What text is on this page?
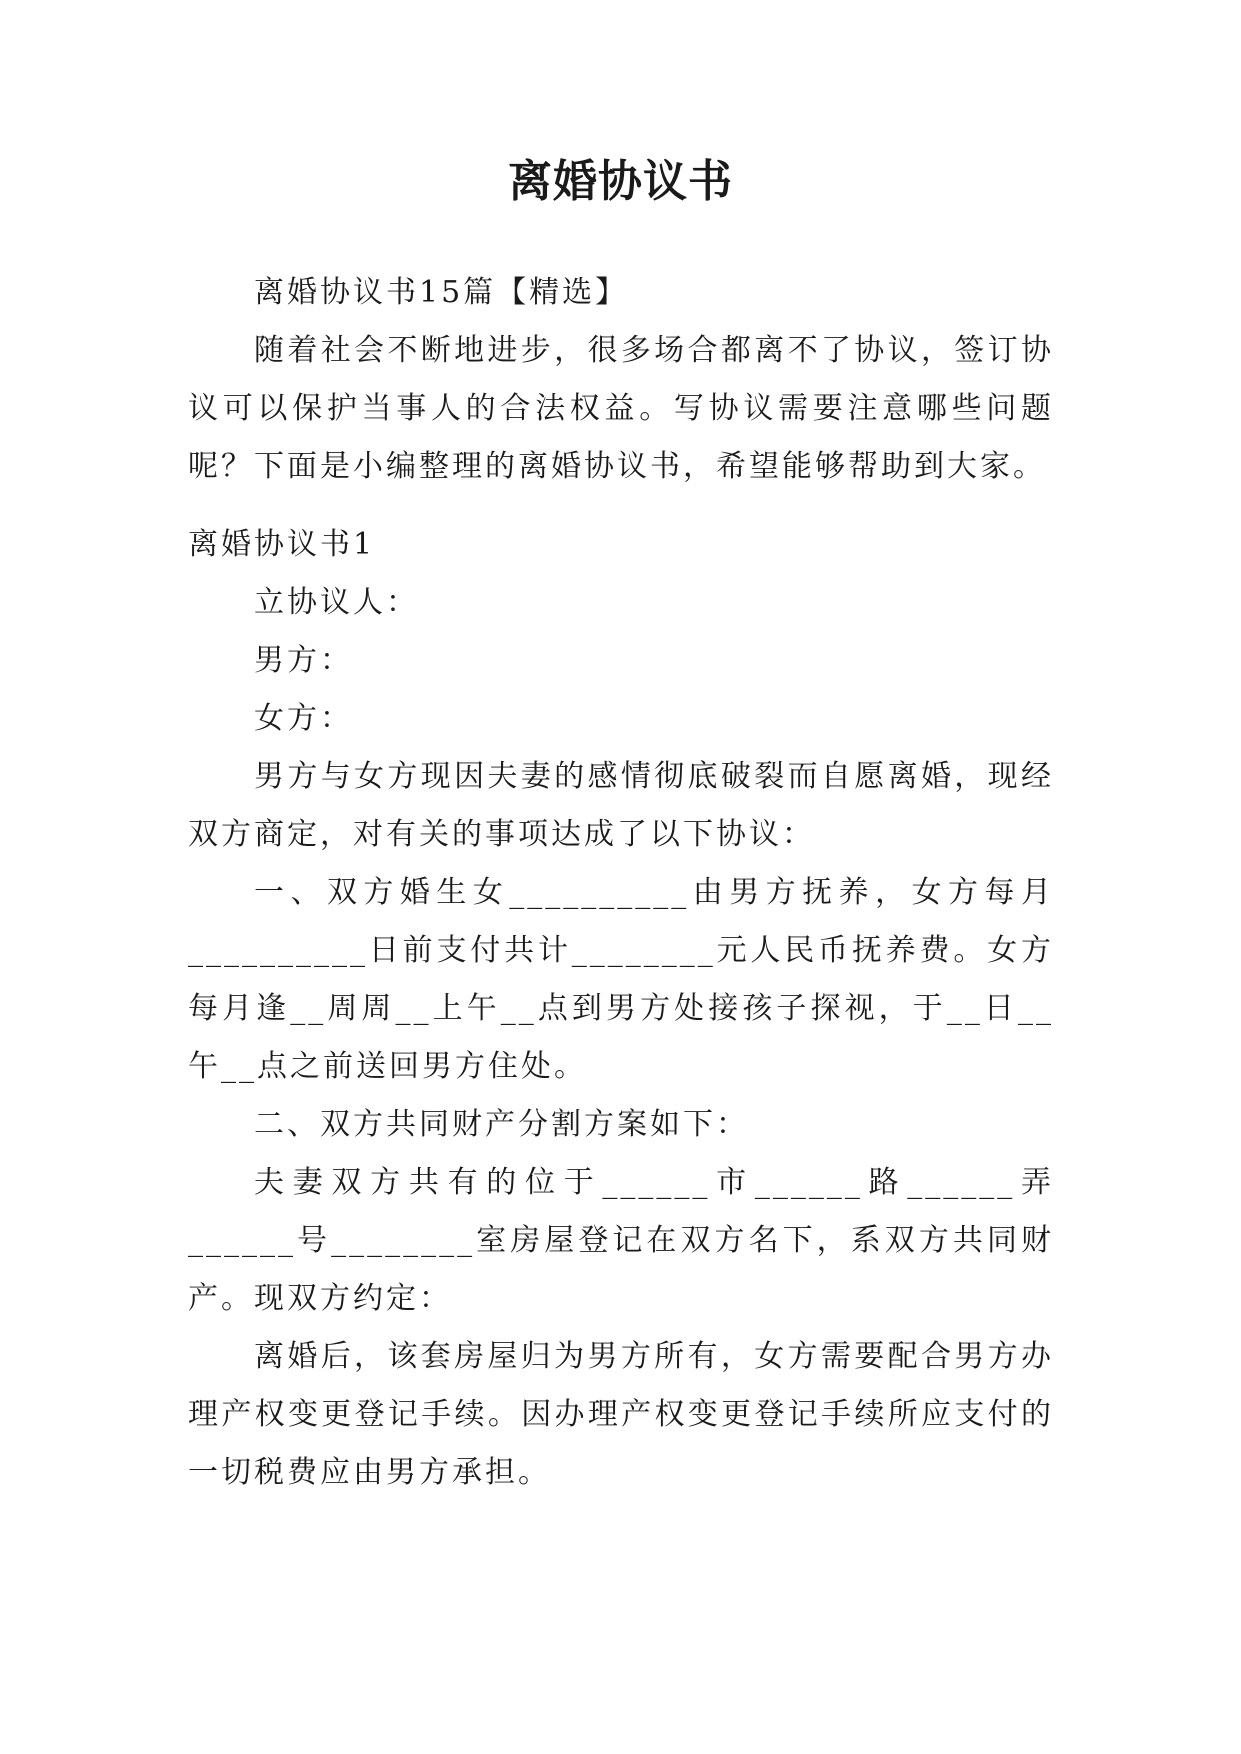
离婚协议书

离婚协议书15篇【精选】

随着社会不断地进步，很多场合都离不了协议，签订协议可以保护当事人的合法权益。写协议需要注意哪些问题呢？下面是小编整理的离婚协议书，希望能够帮助到大家。

离婚协议书1

立协议人：

男方：

女方：

男方与女方现因夫妻的感情彻底破裂而自愿离婚，现经双方商定，对有关的事项达成了以下协议：

一、双方婚生女__________由男方抚养，女方每月__________日前支付共计________元人民币抚养费。女方每月逢__周周__上午__点到男方处接孩子探视，于__日__午__点之前送回男方住处。

二、双方共同财产分割方案如下：

夫妻双方共有的位于______市______路______弄______号________室房屋登记在双方名下，系双方共同财产。现双方约定：

离婚后，该套房屋归为男方所有，女方需要配合男方办理产权变更登记手续。因办理产权变更登记手续所应支付的一切税费应由男方承担。
